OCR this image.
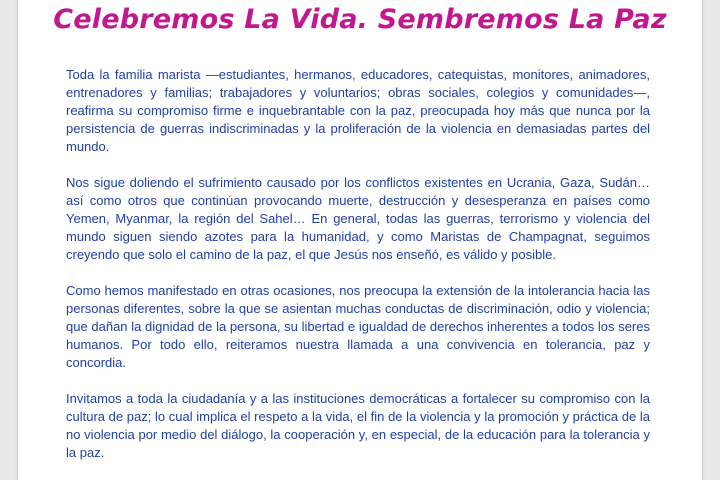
Celebremos La Vida. Sembremos La Paz

Toda la familia marista —estudiantes, hermanos, educadores, catequistas, monitores, animadores, entrenadores y familias; trabajadores y voluntarios; obras sociales, colegios y comunidades—, reafirma su compromiso firme e inquebrantable con la paz, preocupada hoy más que nunca por la persistencia de guerras indiscriminadas y la proliferación de la violencia en demasiadas partes del mundo.

Nos sigue doliendo el sufrimiento causado por los conflictos existentes en Ucrania, Gaza, Sudán… así como otros que continúan provocando muerte, destrucción y desesperanza en países como Yemen, Myanmar, la región del Sahel… En general, todas las guerras, terrorismo y violencia del mundo siguen siendo azotes para la humanidad, y como Maristas de Champagnat, seguimos creyendo que solo el camino de la paz, el que Jesús nos enseñó, es válido y posible.

Como hemos manifestado en otras ocasiones, nos preocupa la extensión de la intolerancia hacia las personas diferentes, sobre la que se asientan muchas conductas de discriminación, odio y violencia; que dañan la dignidad de la persona, su libertad e igualdad de derechos inherentes a todos los seres humanos. Por todo ello, reiteramos nuestra llamada a una convivencia en tolerancia, paz y concordia.

Invitamos a toda la ciudadanía y a las instituciones democráticas a fortalecer su compromiso con la cultura de paz; lo cual implica el respeto a la vida, el fin de la violencia y la promoción y práctica de la no violencia por medio del diálogo, la cooperación y, en especial, de la educación para la tolerancia y la paz.
